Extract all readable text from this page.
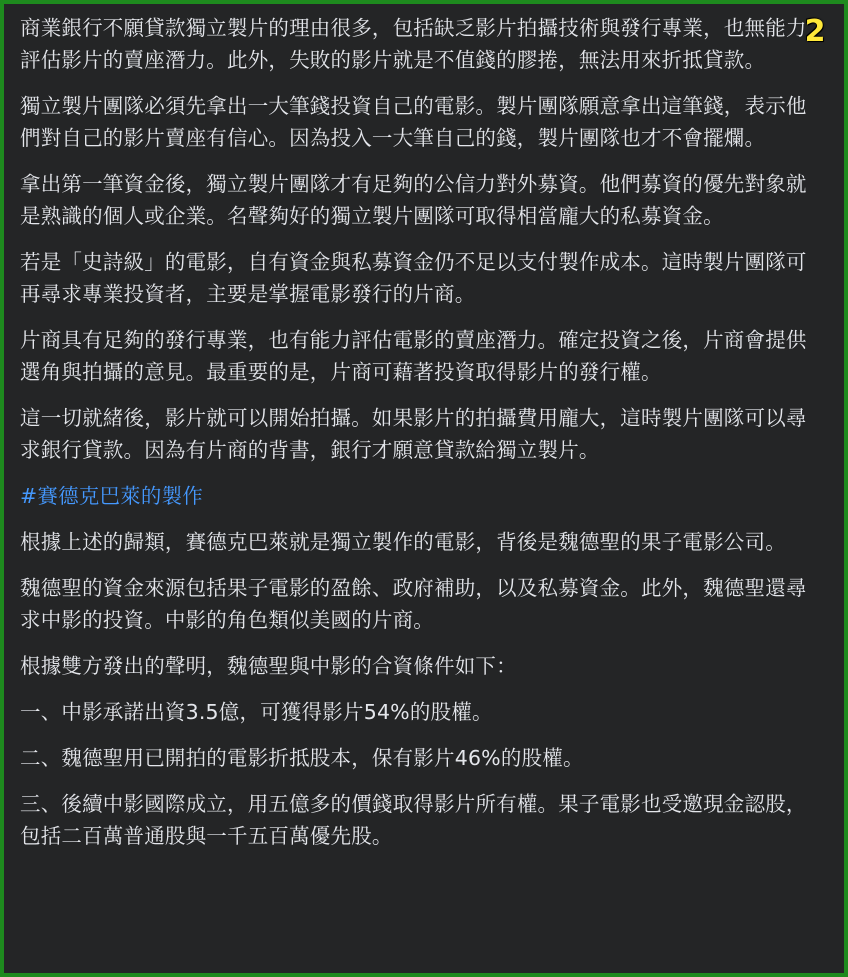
商業銀行不願貸款獨立製片的理由很多，包括缺乏影片拍攝技術與發行專業，也無能力評估影片的賣座潛力。此外，失敗的影片就是不值錢的膠捲，無法用來折抵貸款。

獨立製片團隊必須先拿出一大筆錢投資自己的電影。製片團隊願意拿出這筆錢，表示他們對自己的影片賣座有信心。因為投入一大筆自己的錢，製片團隊也才不會擺爛。

拿出第一筆資金後，獨立製片團隊才有足夠的公信力對外募資。他們募資的優先對象就是熟識的個人或企業。名聲夠好的獨立製片團隊可取得相當龐大的私募資金。

若是「史詩級」的電影，自有資金與私募資金仍不足以支付製作成本。這時製片團隊可再尋求專業投資者，主要是掌握電影發行的片商。

片商具有足夠的發行專業，也有能力評估電影的賣座潛力。確定投資之後，片商會提供選角與拍攝的意見。最重要的是，片商可藉著投資取得影片的發行權。

這一切就緒後，影片就可以開始拍攝。如果影片的拍攝費用龐大，這時製片團隊可以尋求銀行貸款。因為有片商的背書，銀行才願意貸款給獨立製片。

#賽德克巴萊的製作

根據上述的歸類，賽德克巴萊就是獨立製作的電影，背後是魏德聖的果子電影公司。

魏德聖的資金來源包括果子電影的盈餘、政府補助，以及私募資金。此外，魏德聖還尋求中影的投資。中影的角色類似美國的片商。

根據雙方發出的聲明，魏德聖與中影的合資條件如下：

一、中影承諾出資3.5億，可獲得影片54%的股權。

二、魏德聖用已開拍的電影折抵股本，保有影片46%的股權。

三、後續中影國際成立，用五億多的價錢取得影片所有權。果子電影也受邀現金認股，包括二百萬普通股與一千五百萬優先股。

2
